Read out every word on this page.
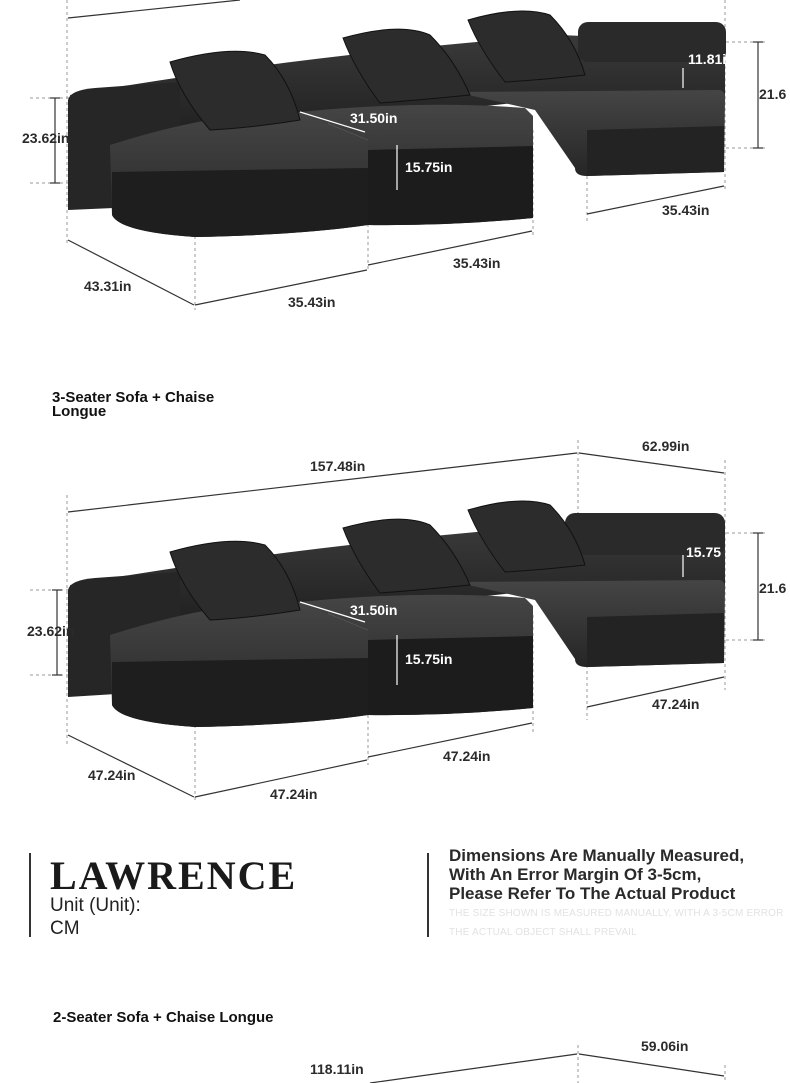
23.62in
31.50in
15.75in
11.81in
21.6
35.43in
43.31in
35.43in
35.43in
3-Seater Sofa + Chaise Longue
157.48in
62.99in
23.62in
31.50in
15.75in
15.75
21.6
47.24in
47.24in
47.24in
47.24in
LAWRENCE
Unit (Unit):
CM
Dimensions Are Manually Measured,
With An Error Margin Of 3-5cm,
Please Refer To The Actual Product
THE SIZE SHOWN IS MEASURED MANUALLY, WITH A 3-5CM ERROR
THE ACTUAL OBJECT SHALL PREVAIL
2-Seater Sofa + Chaise Longue
118.11in
59.06in
